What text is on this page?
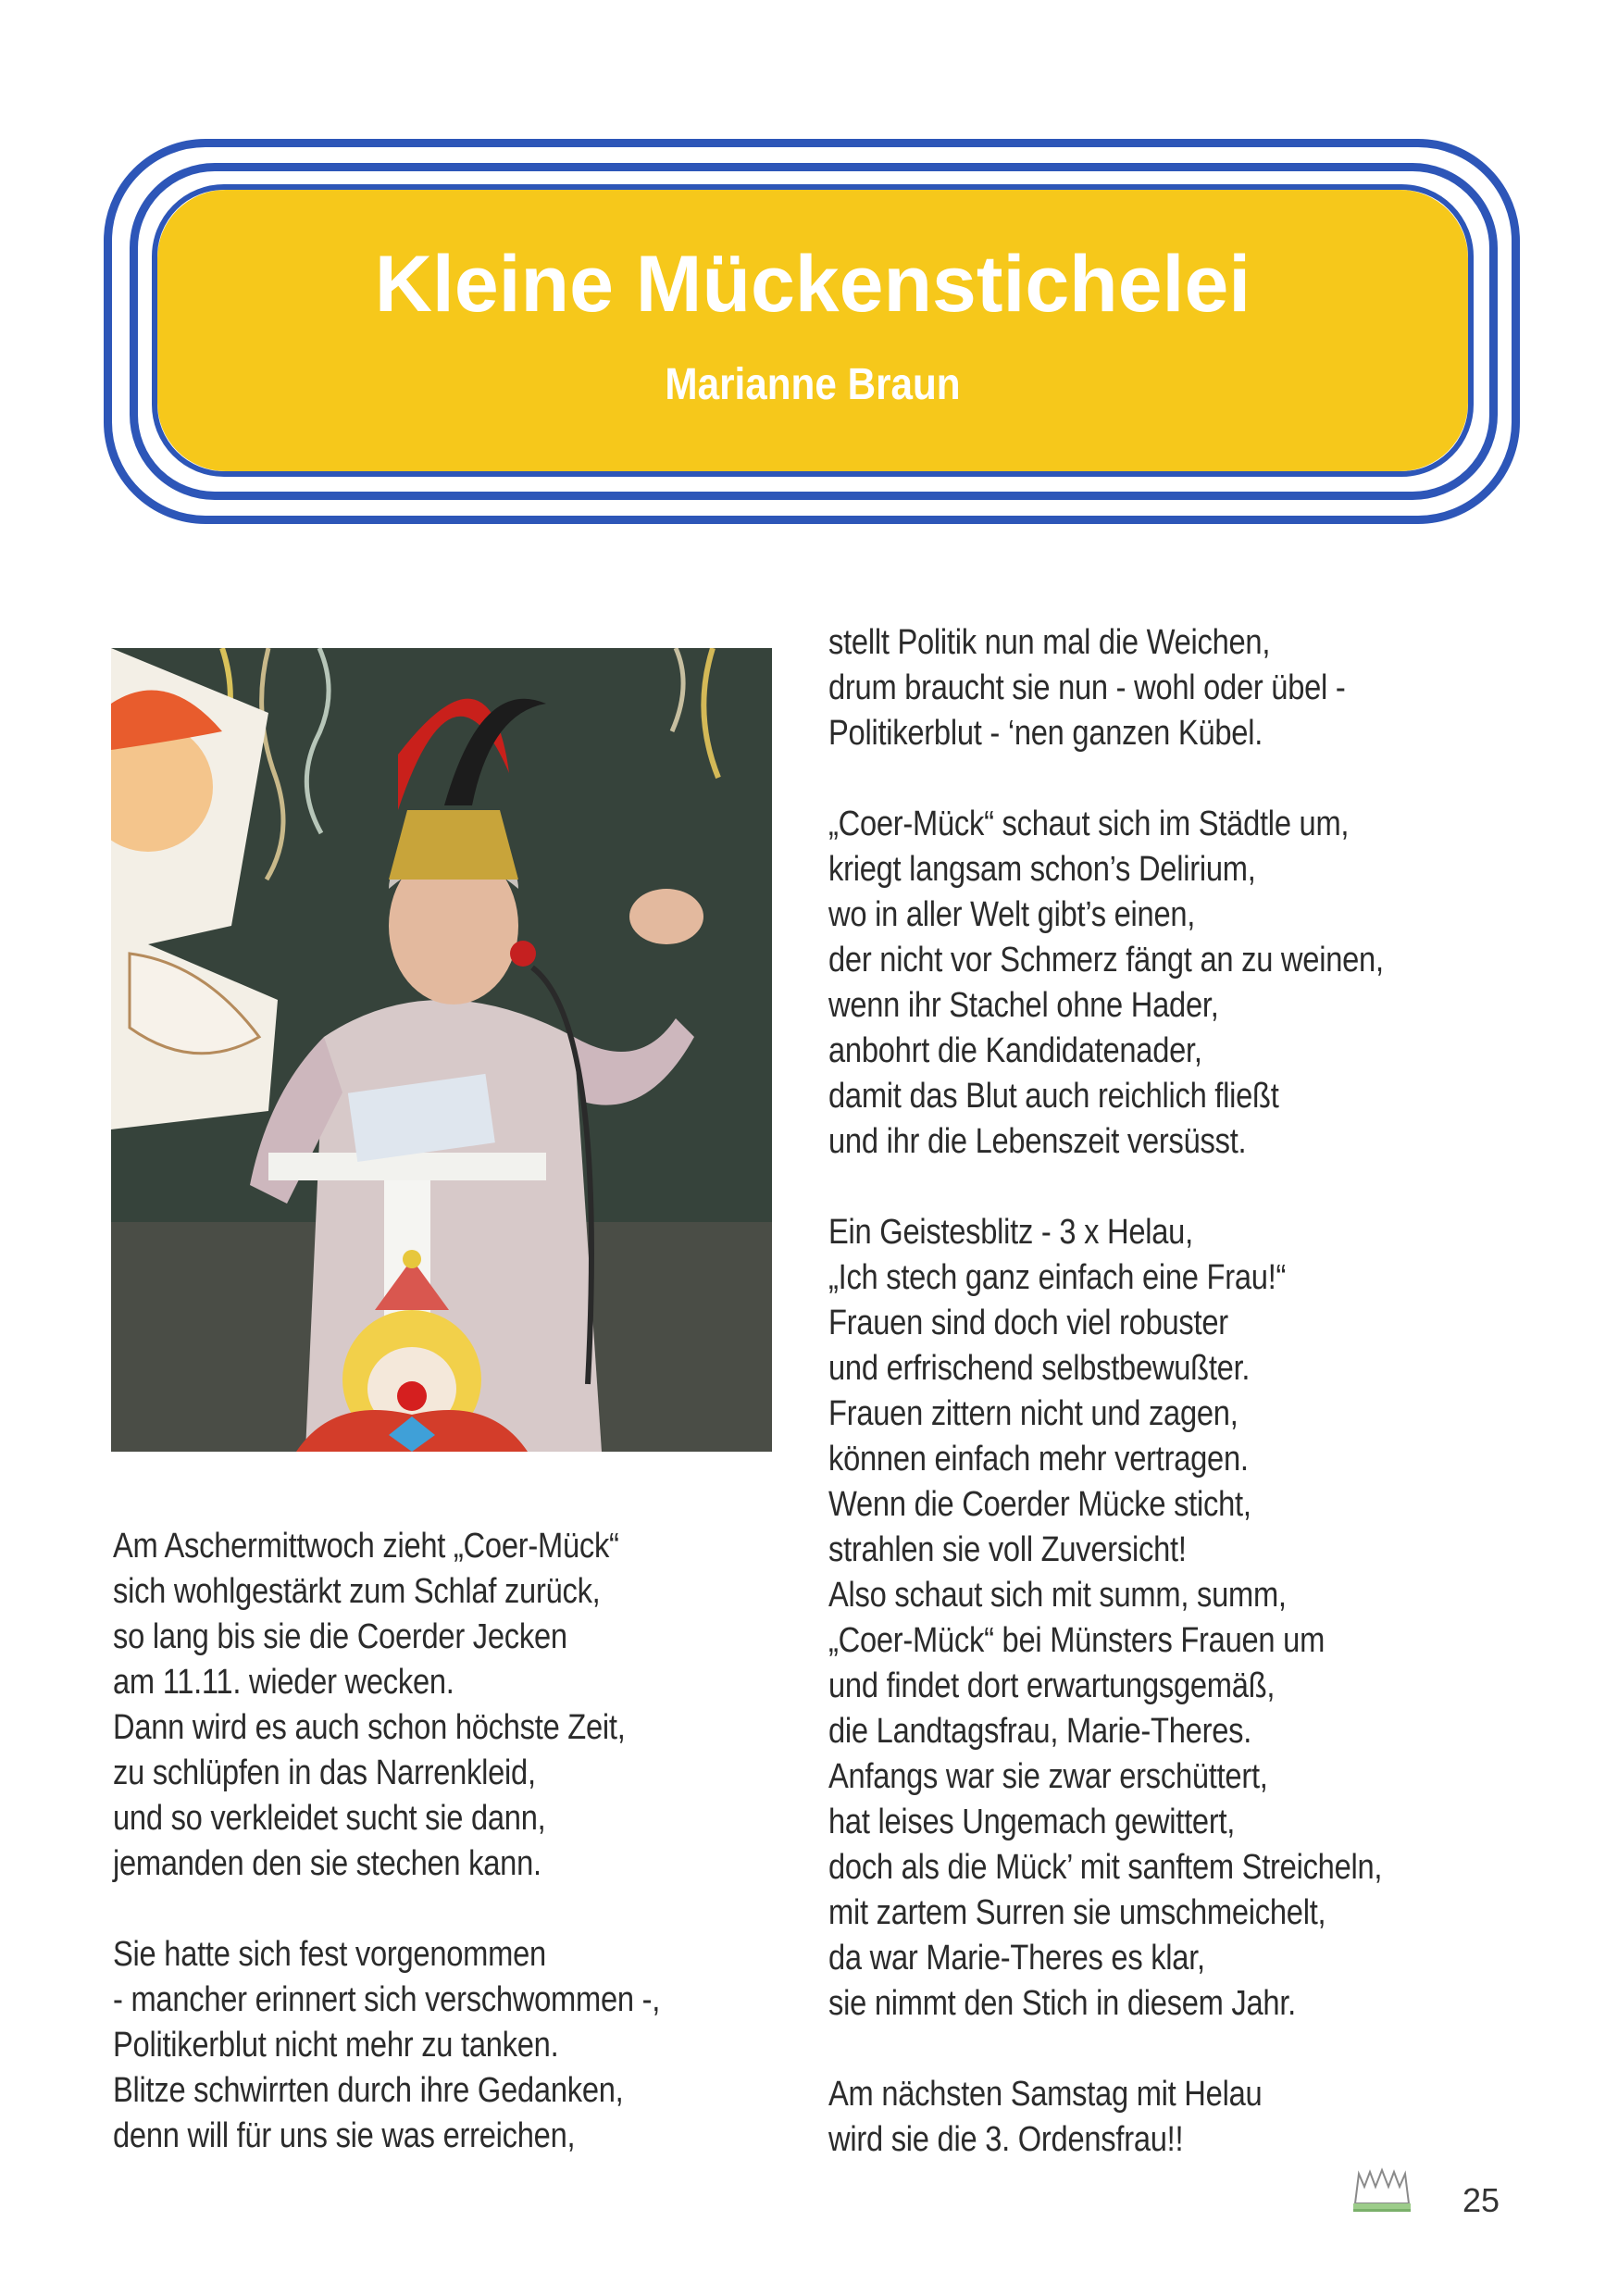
Kleine Mückenstichelei
Marianne Braun
Am Aschermittwoch zieht „Coer-Mück“
sich wohlgestärkt zum Schlaf zurück,
so lang bis sie die Coerder Jecken
am 11.11. wieder wecken.
Dann wird es auch schon höchste Zeit,
zu schlüpfen in das Narrenkleid,
und so verkleidet sucht sie dann,
jemanden den sie stechen kann.
Sie hatte sich fest vorgenommen
- mancher erinnert sich verschwommen -,
Politikerblut nicht mehr zu tanken.
Blitze schwirrten durch ihre Gedanken,
denn will für uns sie was erreichen,
stellt Politik nun mal die Weichen,
drum braucht sie nun - wohl oder übel -
Politikerblut - ‘nen ganzen Kübel.
„Coer-Mück“ schaut sich im Städtle um,
kriegt langsam schon’s Delirium,
wo in aller Welt gibt’s einen,
der nicht vor Schmerz fängt an zu weinen,
wenn ihr Stachel ohne Hader,
anbohrt die Kandidatenader,
damit das Blut auch reichlich fließt
und ihr die Lebenszeit versüsst.
Ein Geistesblitz - 3 x Helau,
„Ich stech ganz einfach eine Frau!“
Frauen sind doch viel robuster
und erfrischend selbstbewußter.
Frauen zittern nicht und zagen,
können einfach mehr vertragen.
Wenn die Coerder Mücke sticht,
strahlen sie voll Zuversicht!
Also schaut sich mit summ, summ,
„Coer-Mück“ bei Münsters Frauen um
und findet dort erwartungsgemäß,
die Landtagsfrau, Marie-Theres.
Anfangs war sie zwar erschüttert,
hat leises Ungemach gewittert,
doch als die Mück’ mit sanftem Streicheln,
mit zartem Surren sie umschmeichelt,
da war Marie-Theres es klar,
sie nimmt den Stich in diesem Jahr.
Am nächsten Samstag mit Helau
wird sie die 3. Ordensfrau!!
25
